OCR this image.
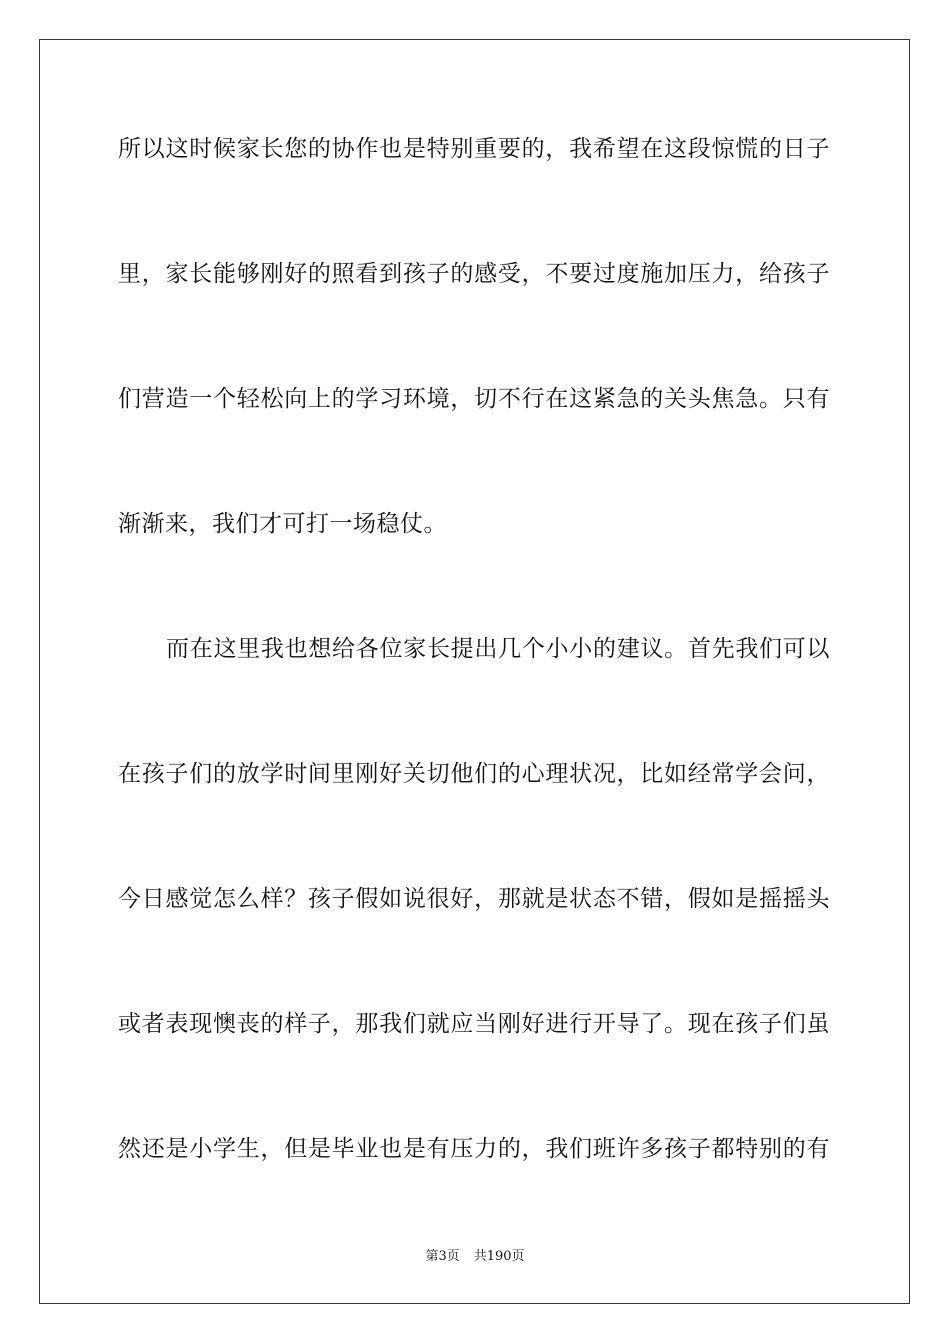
所以这时候家长您的协作也是特别重要的，我希望在这段惊慌的日子
里，家长能够刚好的照看到孩子的感受，不要过度施加压力，给孩子
们营造一个轻松向上的学习环境，切不行在这紧急的关头焦急。只有
渐渐来，我们才可打一场稳仗。
而在这里我也想给各位家长提出几个小小的建议。首先我们可以
在孩子们的放学时间里刚好关切他们的心理状况，比如经常学会问，
今日感觉怎么样？孩子假如说很好，那就是状态不错，假如是摇摇头
或者表现懊丧的样子，那我们就应当刚好进行开导了。现在孩子们虽
然还是小学生，但是毕业也是有压力的，我们班许多孩子都特别的有
第3页 共190页
